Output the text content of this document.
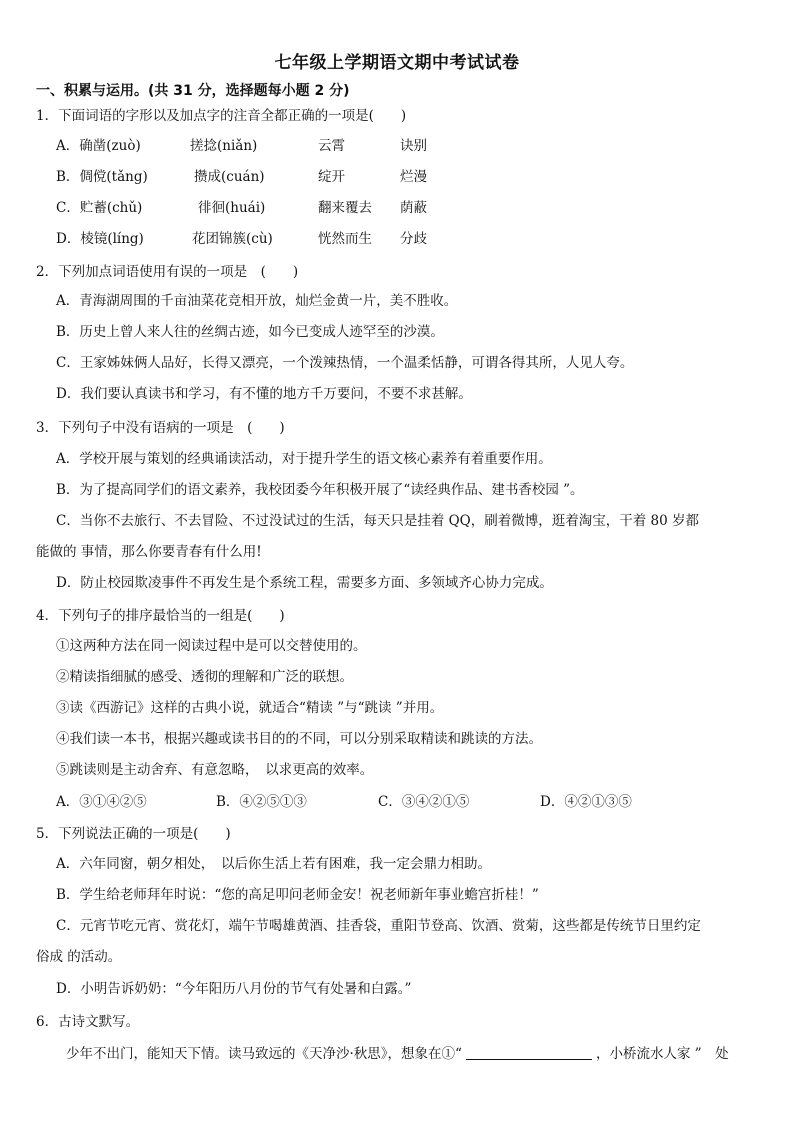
七年级上学期语文期中考试试卷
一、积累与运用。(共 31 分，选择题每小题 2 分)
1．下面词语的字形以及加点字的注音全都正确的一项是(　　)
A．确凿(zuò)	搓捻(niǎn)	云霄	诀别
B．倜傥(tǎng)	攒成(cuán)	绽开	烂漫
C．贮蓄(chǔ)	徘徊(huái)	翻来覆去 荫蔽
D．棱镜(líng)	花团锦簇(cù)	恍然而生 分歧
2．下列加点词语使用有误的一项是　(　　)
A．青海湖周围的千亩油菜花竞相开放，灿烂金黄一片，美不胜收。
B．历史上曾人来人往的丝绸古迹，如今已变成人迹罕至的沙漠。
C．王家姊妹俩人品好，长得又漂亮，一个泼辣热情，一个温柔恬静，可谓各得其所，人见人夸。
D．我们要认真读书和学习，有不懂的地方千万要问，不要不求甚解。
3．下列句子中没有语病的一项是　(　　)
A．学校开展与策划的经典诵读活动，对于提升学生的语文核心素养有着重要作用。
B．为了提高同学们的语文素养，我校团委今年积极开展了“读经典作品、建书香校园 ”。
C．当你不去旅行、不去冒险、不过没试过的生活，每天只是挂着 QQ，刷着微博，逛着淘宝，干着 80 岁都
能做的 事情，那么你要青春有什么用!
D．防止校园欺凌事件不再发生是个系统工程，需要多方面、多领域齐心协力完成。
4．下列句子的排序最恰当的一组是(　　)
①这两种方法在同一阅读过程中是可以交替使用的。
②精读指细腻的感受、透彻的理解和广泛的联想。
③读《西游记》这样的古典小说，就适合“精读 ”与“跳读 ”并用。
④我们读一本书，根据兴趣或读书目的的不同，可以分别采取精读和跳读的方法。
⑤跳读则是主动舍弃、有意忽略，　以求更高的效率。
A．③①④②⑤	B．④②⑤①③	C．③④②①⑤	D．④②①③⑤
5．下列说法正确的一项是(　　)
A．六年同窗，朝夕相处，　以后你生活上若有困难，我一定会鼎力相助。
B．学生给老师拜年时说：“您的高足叩问老师金安！祝老师新年事业蟾宫折桂！”
C．元宵节吃元宵、赏花灯，端午节喝雄黄酒、挂香袋，重阳节登高、饮酒、赏菊，这些都是传统节日里约定
俗成 的活动。
D．小明告诉奶奶：“今年阳历八月份的节气有处暑和白露。”
6．古诗文默写。
少年不出门，能知天下情。读马致远的《天净沙·秋思》，想象在①“	，小桥流水人家 ”　处
